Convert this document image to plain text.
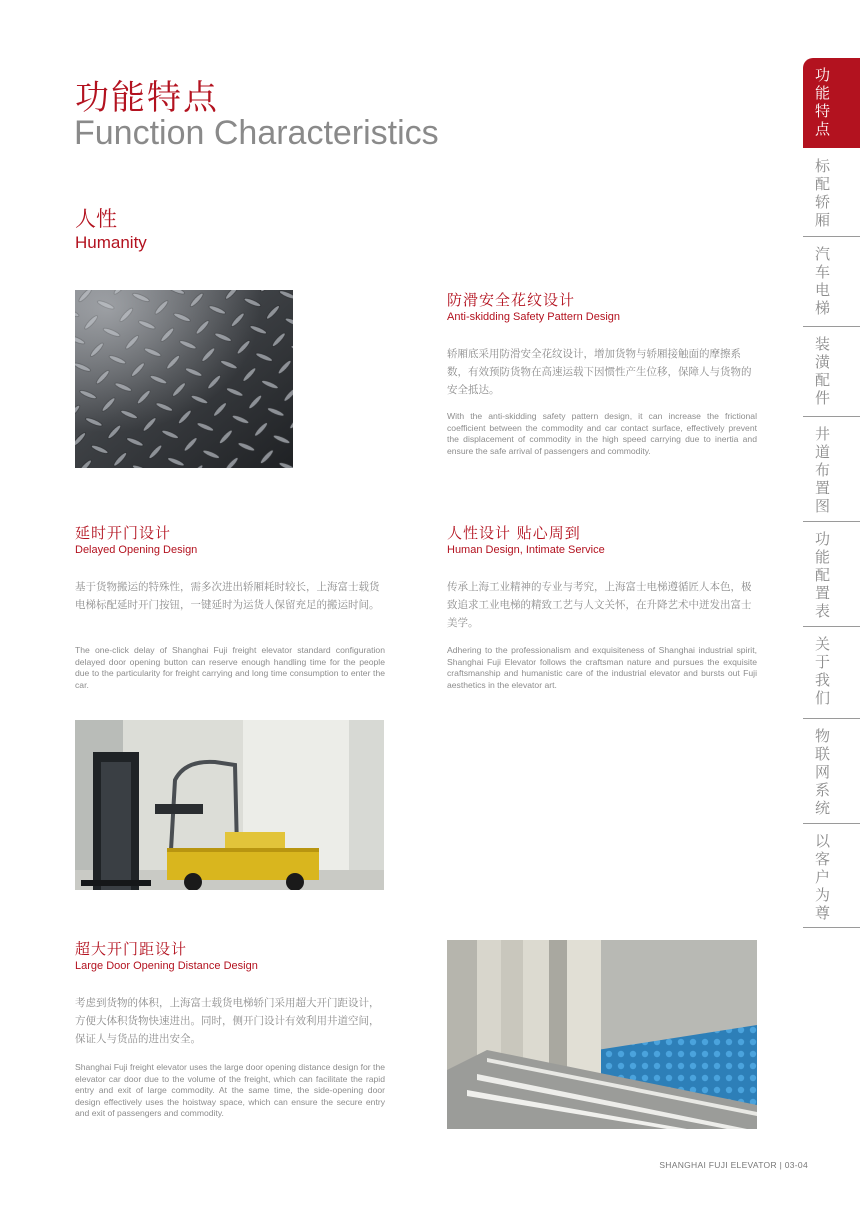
功能特点
Function Characteristics
人性
Humanity
防滑安全花纹设计
Anti-skidding Safety Pattern Design
轿厢底采用防滑安全花纹设计，增加货物与轿厢接触面的摩擦系数，有效预防货物在高速运载下因惯性产生位移，保障人与货物的安全抵达。
With the anti-skidding safety pattern design, it can increase the frictional coefficient between the commodity and car contact surface, effectively prevent the displacement of commodity in the high speed carrying due to inertia and ensure the safe arrival of passengers and commodity.
延时开门设计
Delayed Opening Design
基于货物搬运的特殊性，需多次进出轿厢耗时较长，上海富士载货电梯标配延时开门按钮，一键延时为运货人保留充足的搬运时间。
The one-click delay of Shanghai Fuji freight elevator standard configuration delayed door opening button can reserve enough handling time for the people due to the particularity for freight carrying and long time consumption to enter the car.
人性设计 贴心周到
Human Design, Intimate Service
传承上海工业精神的专业与考究，上海富士电梯遵循匠人本色，极致追求工业电梯的精致工艺与人文关怀，在升降艺术中迸发出富士美学。
Adhering to the professionalism and exquisiteness of Shanghai industrial spirit, Shanghai Fuji Elevator follows the craftsman nature and pursues the exquisite craftsmanship and humanistic care of the industrial elevator and bursts out Fuji aesthetics in the elevator art.
超大开门距设计
Large Door Opening Distance Design
考虑到货物的体积，上海富士载货电梯轿门采用超大开门距设计，方便大体积货物快速进出。同时，侧开门设计有效利用井道空间，保证人与货品的进出安全。
Shanghai Fuji freight elevator uses the large door opening distance design for the elevator car door due to the volume of the freight, which can facilitate the rapid entry and exit of large commodity. At the same time, the side-opening door design effectively uses the hoistway space, which can ensure the secure entry and exit of passengers and commodity.
功能特点
标配轿厢
汽车电梯
装潢配件
井道布置图
功能配置表
关于我们
物联网系统
以客户为尊
SHANGHAI FUJI ELEVATOR | 03-04
